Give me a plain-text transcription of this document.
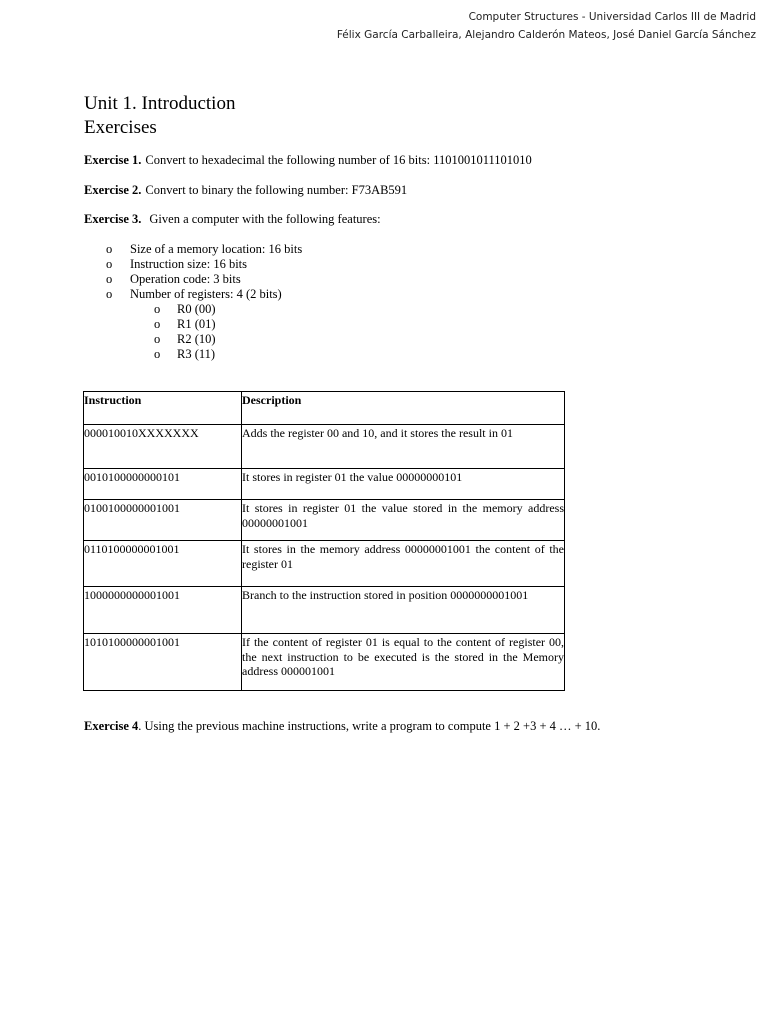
Computer Structures - Universidad Carlos III de Madrid
Félix García Carballeira, Alejandro Calderón Mateos, José Daniel García Sánchez
Unit 1. Introduction
Exercises
Exercise 1. Convert to hexadecimal the following number of 16 bits: 1101001011101010
Exercise 2. Convert to binary the following number: F73AB591
Exercise 3. Given a computer with the following features:
o Size of a memory location: 16 bits
o Instruction size: 16 bits
o Operation code: 3 bits
o Number of registers: 4 (2 bits)
o R0 (00)
o R1 (01)
o R2 (10)
o R3 (11)
Instruction	Description
000010010XXXXXXX	Adds the register 00 and 10, and it stores the result in 01
0010100000000101	It stores in register 01 the value 00000000101
0100100000001001	It stores in register 01 the value stored in the memory address 00000001001
0110100000001001	It stores in the memory address 00000001001 the content of the register 01
1000000000001001	Branch to the instruction stored in position 0000000001001
1010100000001001	If the content of register 01 is equal to the content of register 00, the next instruction to be executed is the stored in the Memory address 000001001
Exercise 4. Using the previous machine instructions, write a program to compute 1 + 2 +3 + 4 … + 10.
